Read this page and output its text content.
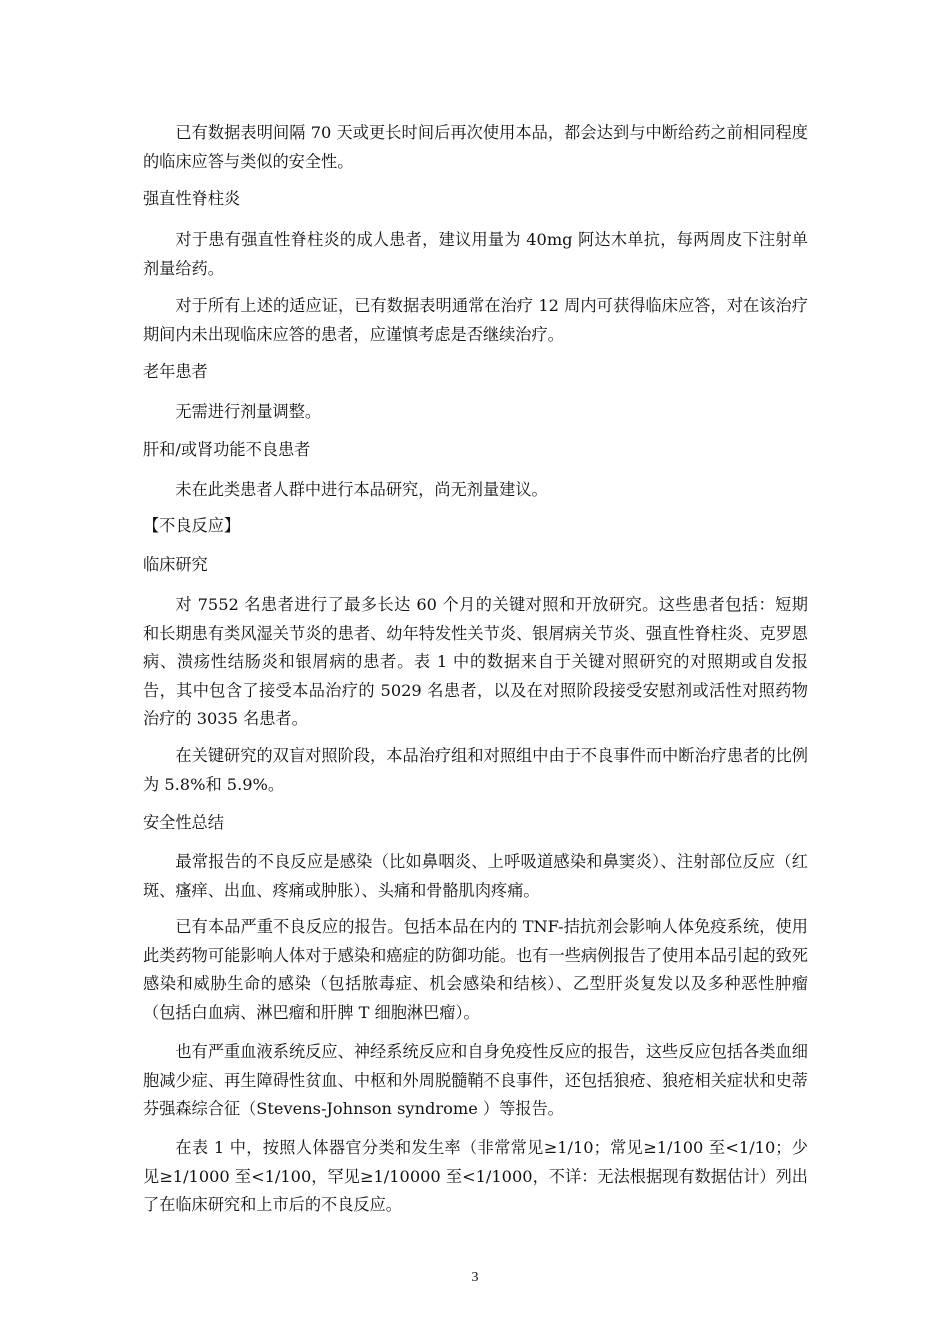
已有数据表明间隔 70 天或更长时间后再次使用本品，都会达到与中断给药之前相同程度的临床应答与类似的安全性。

强直性脊柱炎

对于患有强直性脊柱炎的成人患者，建议用量为 40mg 阿达木单抗，每两周皮下注射单剂量给药。

对于所有上述的适应证，已有数据表明通常在治疗 12 周内可获得临床应答，对在该治疗期间内未出现临床应答的患者，应谨慎考虑是否继续治疗。

老年患者

无需进行剂量调整。

肝和/或肾功能不良患者

未在此类患者人群中进行本品研究，尚无剂量建议。

【不良反应】
临床研究

对 7552 名患者进行了最多长达 60 个月的关键对照和开放研究。这些患者包括：短期和长期患有类风湿关节炎的患者、幼年特发性关节炎、银屑病关节炎、强直性脊柱炎、克罗恩病、溃疡性结肠炎和银屑病的患者。表 1 中的数据来自于关键对照研究的对照期或自发报告，其中包含了接受本品治疗的 5029 名患者，以及在对照阶段接受安慰剂或活性对照药物治疗的 3035 名患者。

在关键研究的双盲对照阶段，本品治疗组和对照组中由于不良事件而中断治疗患者的比例为 5.8%和 5.9%。

安全性总结

最常报告的不良反应是感染（比如鼻咽炎、上呼吸道感染和鼻窦炎）、注射部位反应（红斑、瘙痒、出血、疼痛或肿胀）、头痛和骨骼肌肉疼痛。

已有本品严重不良反应的报告。包括本品在内的 TNF-拮抗剂会影响人体免疫系统，使用此类药物可能影响人体对于感染和癌症的防御功能。也有一些病例报告了使用本品引起的致死感染和威胁生命的感染（包括脓毒症、机会感染和结核）、乙型肝炎复发以及多种恶性肿瘤（包括白血病、淋巴瘤和肝脾 T 细胞淋巴瘤）。

也有严重血液系统反应、神经系统反应和自身免疫性反应的报告，这些反应包括各类血细胞减少症、再生障碍性贫血、中枢和外周脱髓鞘不良事件，还包括狼疮、狼疮相关症状和史蒂芬强森综合征（Stevens-Johnson syndrome ）等报告。

在表 1 中，按照人体器官分类和发生率（非常常见≥1/10；常见≥1/100 至<1/10；少见≥1/1000 至<1/100，罕见≥1/10000 至<1/1000，不详：无法根据现有数据估计）列出了在临床研究和上市后的不良反应。

3
